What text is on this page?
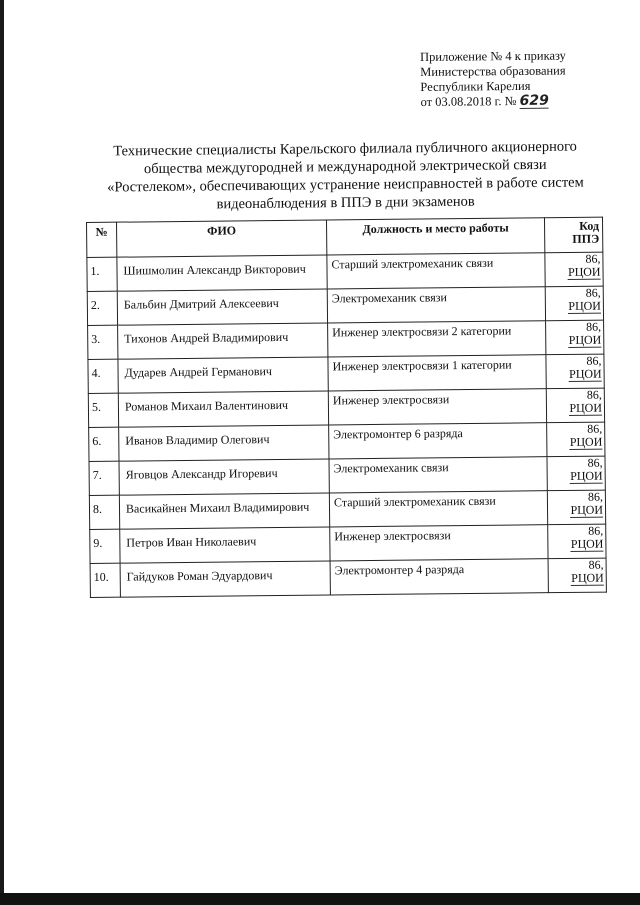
Приложение № 4 к приказу
Министерства образования
Республики Карелия
от 03.08.2018 г. № 629
Технические специалисты Карельского филиала публичного акционерного
общества междугородней и международной электрической связи
«Ростелеком», обеспечивающих устранение неисправностей в работе систем
видеонаблюдения в ППЭ в дни экзаменов
№	ФИО	Должность и место работы	Код
ППЭ

1.	Шишмолин Александр Викторович	Старший электромеханик связи	86,
РЦОИ

2.	Бальбин Дмитрий Алексеевич	Электромеханик связи	86,
РЦОИ

3.	Тихонов Андрей Владимирович	Инженер электросвязи 2 категории	86,
РЦОИ

4.	Дударев Андрей Германович	Инженер электросвязи 1 категории	86,
РЦОИ

5.	Романов Михаил Валентинович	Инженер электросвязи	86,
РЦОИ

6.	Иванов Владимир Олегович	Электромонтер 6 разряда	86,
РЦОИ

7.	Яговцов Александр Игоревич	Электромеханик связи	86,
РЦОИ

8.	Васикайнен Михаил Владимирович	Старший электромеханик связи	86,
РЦОИ

9.	Петров Иван Николаевич	Инженер электросвязи	86,
РЦОИ

10.	Гайдуков Роман Эдуардович	Электромонтер 4 разряда	86,
РЦОИ
